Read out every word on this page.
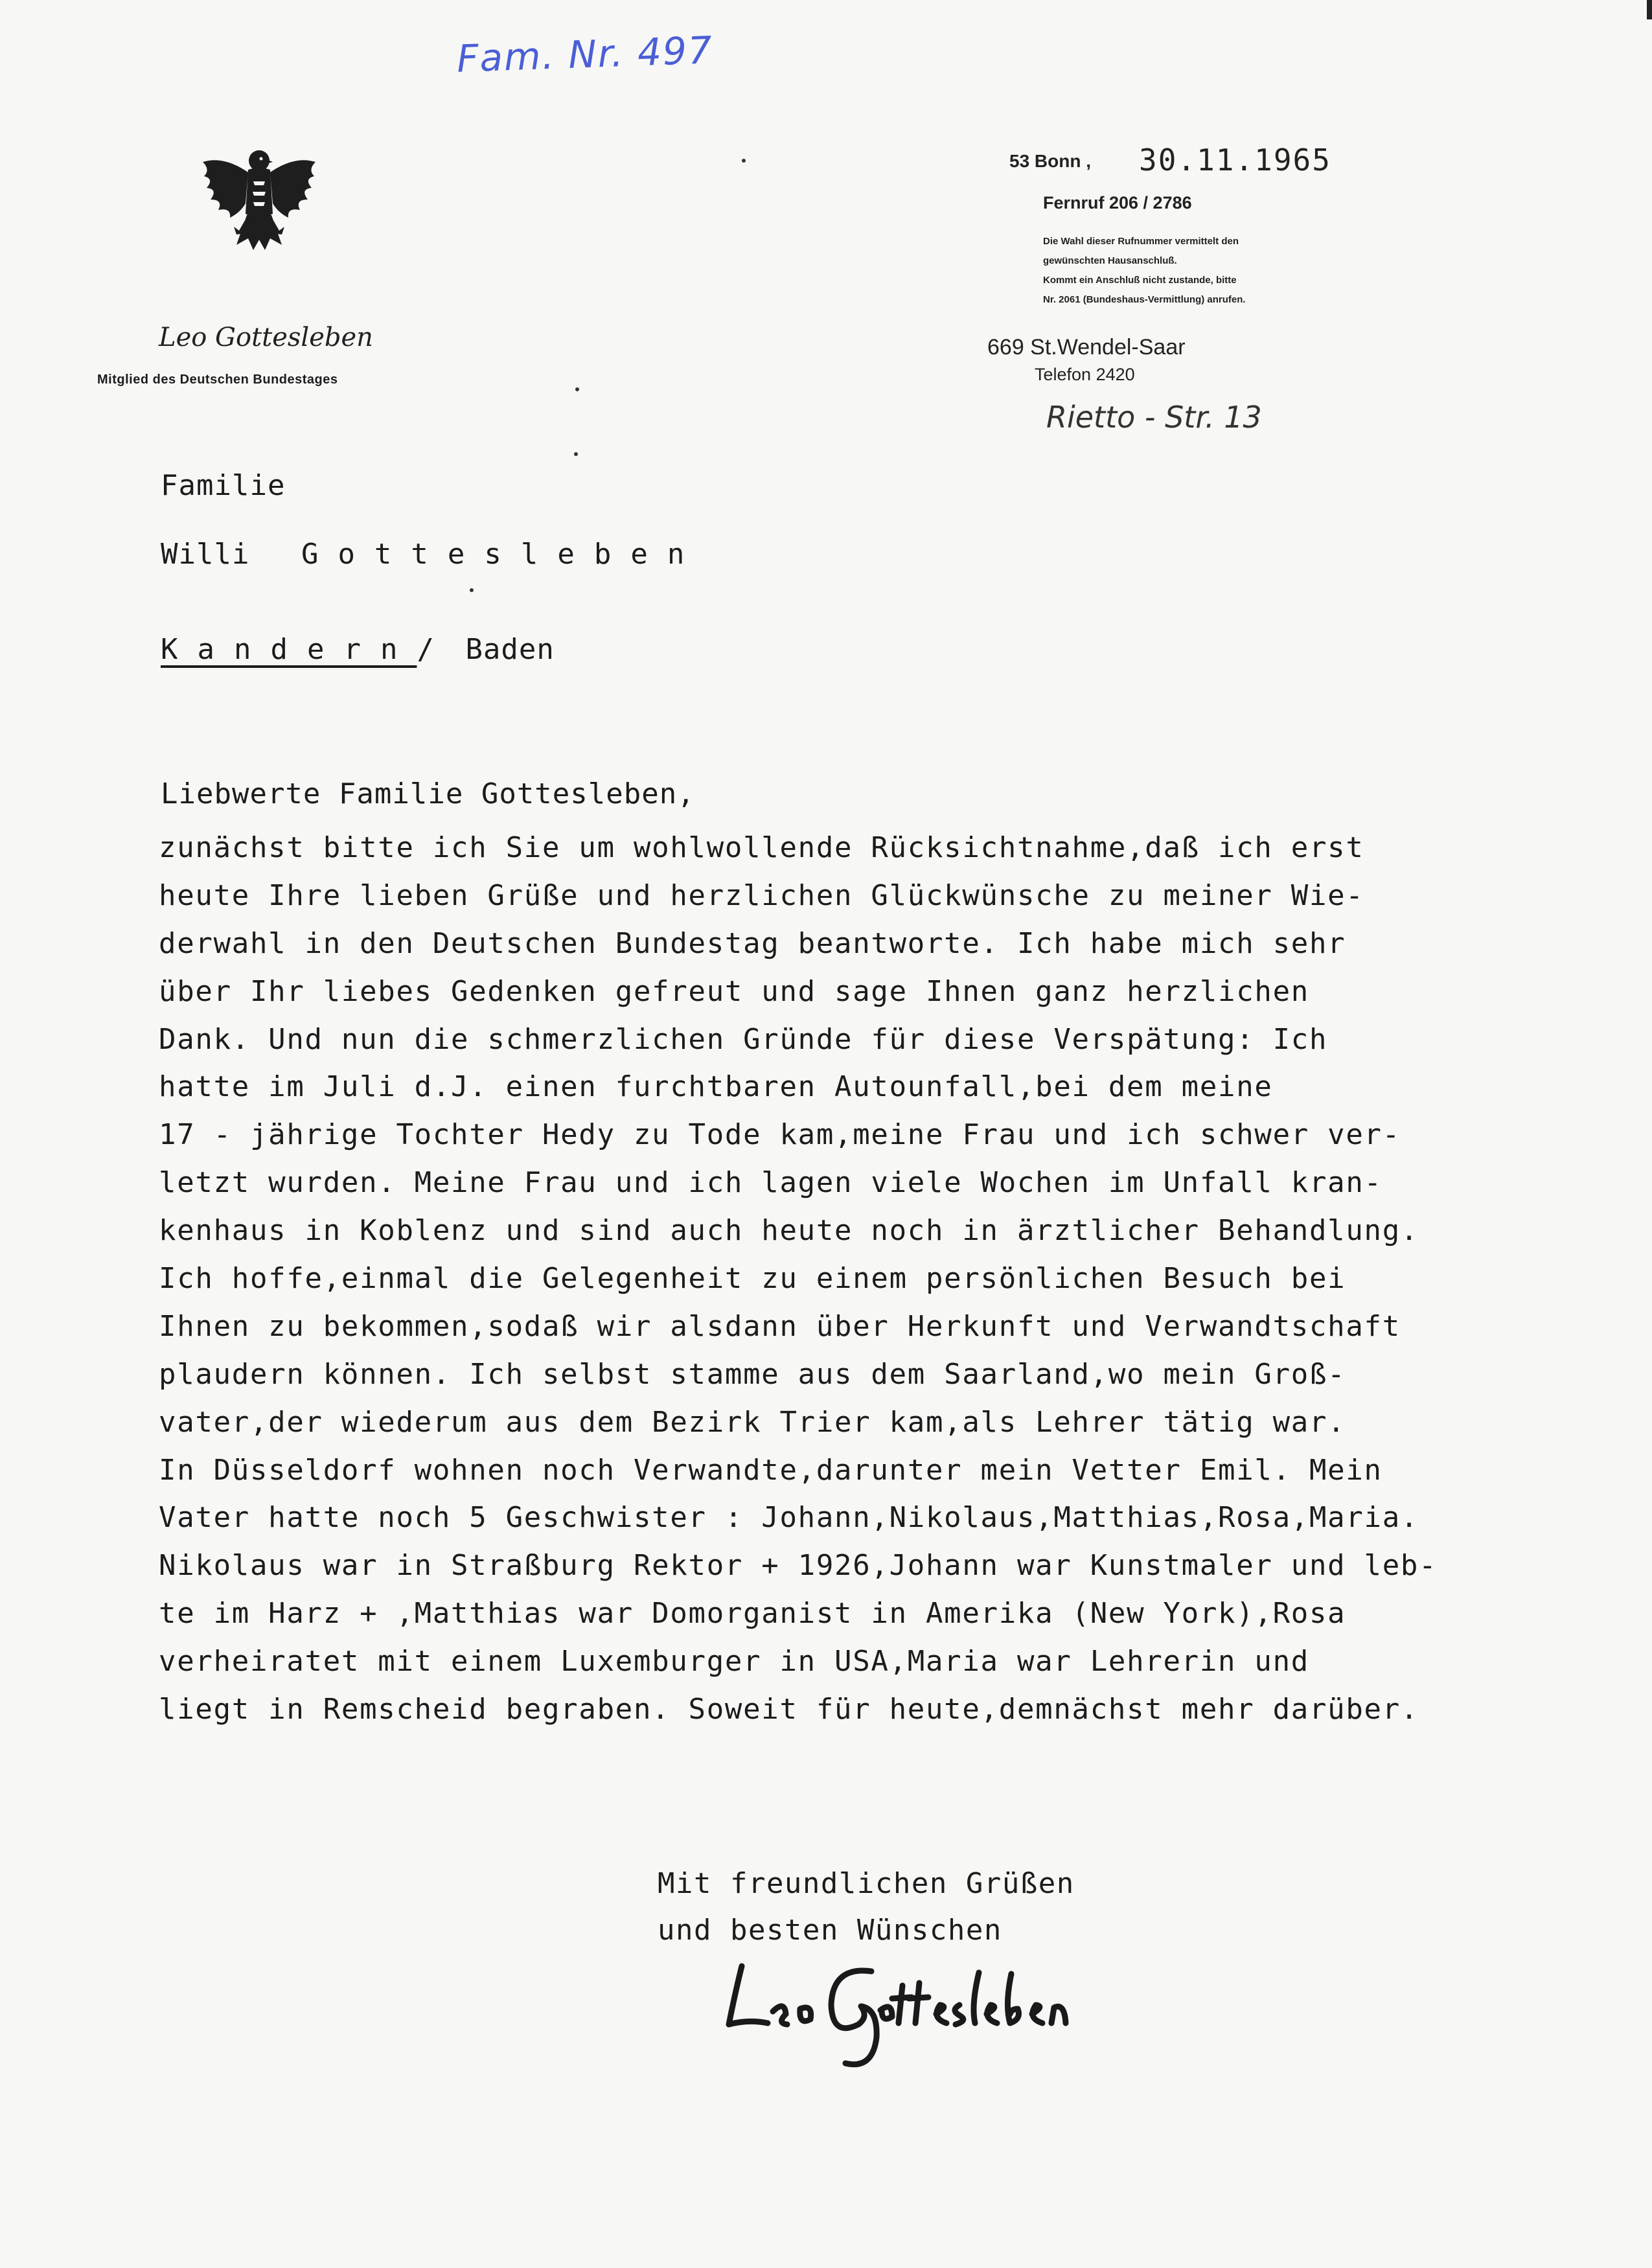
Fam. Nr. 497
Leo Gottesleben
Mitglied des Deutschen Bundestages
53 Bonn , 30.11.1965
Fernruf 206 / 2786
Die Wahl dieser Rufnummer vermittelt den
gewünschten Hausanschluß.
Kommt ein Anschluß nicht zustande, bitte
Nr. 2061 (Bundeshaus-Vermittlung) anrufen.
669 St.Wendel-Saar
Telefon 2420
Rietto - Str. 13
Familie
Willi Gottesleben
Kandern/ Baden
Liebwerte Familie Gottesleben,
zunächst bitte ich Sie um wohlwollende Rücksichtnahme,daß ich erst
heute Ihre lieben Grüße und herzlichen Glückwünsche zu meiner Wie-
derwahl in den Deutschen Bundestag beantworte. Ich habe mich sehr
über Ihr liebes Gedenken gefreut und sage Ihnen ganz herzlichen
Dank. Und nun die schmerzlichen Gründe für diese Verspätung: Ich
hatte im Juli d.J. einen furchtbaren Autounfall,bei dem meine
17 - jährige Tochter Hedy zu Tode kam,meine Frau und ich schwer ver-
letzt wurden. Meine Frau und ich lagen viele Wochen im Unfall kran-
kenhaus in Koblenz und sind auch heute noch in ärztlicher Behandlung.
Ich hoffe,einmal die Gelegenheit zu einem persönlichen Besuch bei
Ihnen zu bekommen,sodaß wir alsdann über Herkunft und Verwandtschaft
plaudern können. Ich selbst stamme aus dem Saarland,wo mein Groß-
vater,der wiederum aus dem Bezirk Trier kam,als Lehrer tätig war.
In Düsseldorf wohnen noch Verwandte,darunter mein Vetter Emil. Mein
Vater hatte noch 5 Geschwister : Johann,Nikolaus,Matthias,Rosa,Maria.
Nikolaus war in Straßburg Rektor + 1926,Johann war Kunstmaler und leb-
te im Harz + ,Matthias war Domorganist in Amerika (New York),Rosa
verheiratet mit einem Luxemburger in USA,Maria war Lehrerin und
liegt in Remscheid begraben. Soweit für heute,demnächst mehr darüber.
Mit freundlichen Grüßen
und besten Wünschen
